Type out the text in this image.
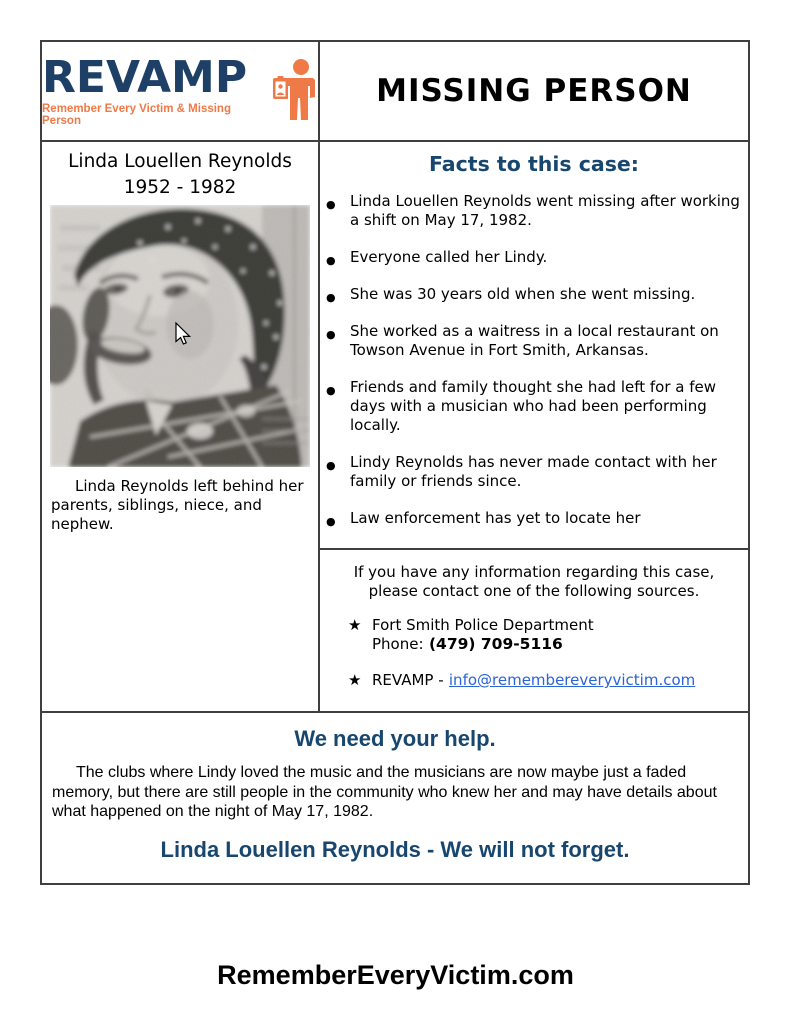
REVAMP
Remember Every Victim & Missing Person
MISSING PERSON
Linda Louellen Reynolds
1952 - 1982
Linda Reynolds left behind her parents, siblings, niece, and nephew.
Facts to this case:
● Linda Louellen Reynolds went missing after working a shift on May 17, 1982.
● Everyone called her Lindy.
● She was 30 years old when she went missing.
● She worked as a waitress in a local restaurant on Towson Avenue in Fort Smith, Arkansas.
● Friends and family thought she had left for a few days with a musician who had been performing locally.
● Lindy Reynolds has never made contact with her family or friends since.
● Law enforcement has yet to locate her
If you have any information regarding this case, please contact one of the following sources.
★ Fort Smith Police Department
Phone: (479) 709-5116
★ REVAMP - info@remembereveryvictim.com
We need your help.
The clubs where Lindy loved the music and the musicians are now maybe just a faded memory, but there are still people in the community who knew her and may have details about what happened on the night of May 17, 1982.
Linda Louellen Reynolds - We will not forget.
RememberEveryVictim.com
